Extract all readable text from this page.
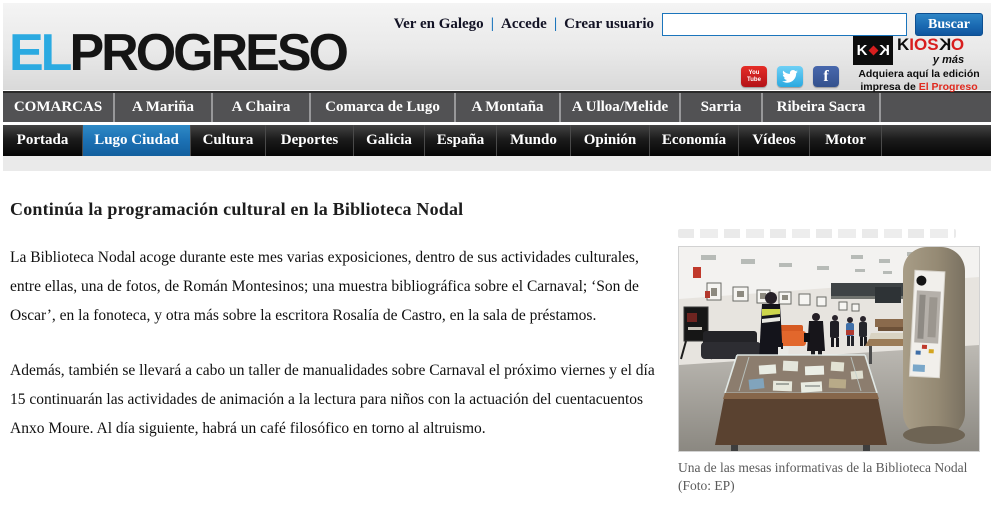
ELPROGRESO	Ver en Galego | Accede | Crear usuario	Buscar
You Tube	f
K K KIOSKO
y más
Adquiera aquí la edición
impresa de El Progreso
COMARCAS	A Mariña	A Chaira	Comarca de Lugo	A Montaña	A Ulloa/Melide	Sarria	Ribeira Sacra
Portada	Lugo Ciudad	Cultura	Deportes	Galicia	España	Mundo	Opinión	Economía	Vídeos	Motor
Continúa la programación cultural en la Biblioteca Nodal

La Biblioteca Nodal acoge durante este mes varias exposiciones, dentro de sus actividades culturales, entre ellas, una de fotos, de Román Montesinos; una muestra bibliográfica sobre el Carnaval; ‘Son de Oscar’, en la fonoteca, y otra más sobre la escritora Rosalía de Castro, en la sala de préstamos.

Además, también se llevará a cabo un taller de manualidades sobre Carnaval el próximo viernes y el día 15 continuarán las actividades de animación a la lectura para niños con la actuación del cuentacuentos Anxo Moure. Al día siguiente, habrá un café filosófico en torno al altruismo.

Una de las mesas informativas de la Biblioteca Nodal
(Foto: EP)
